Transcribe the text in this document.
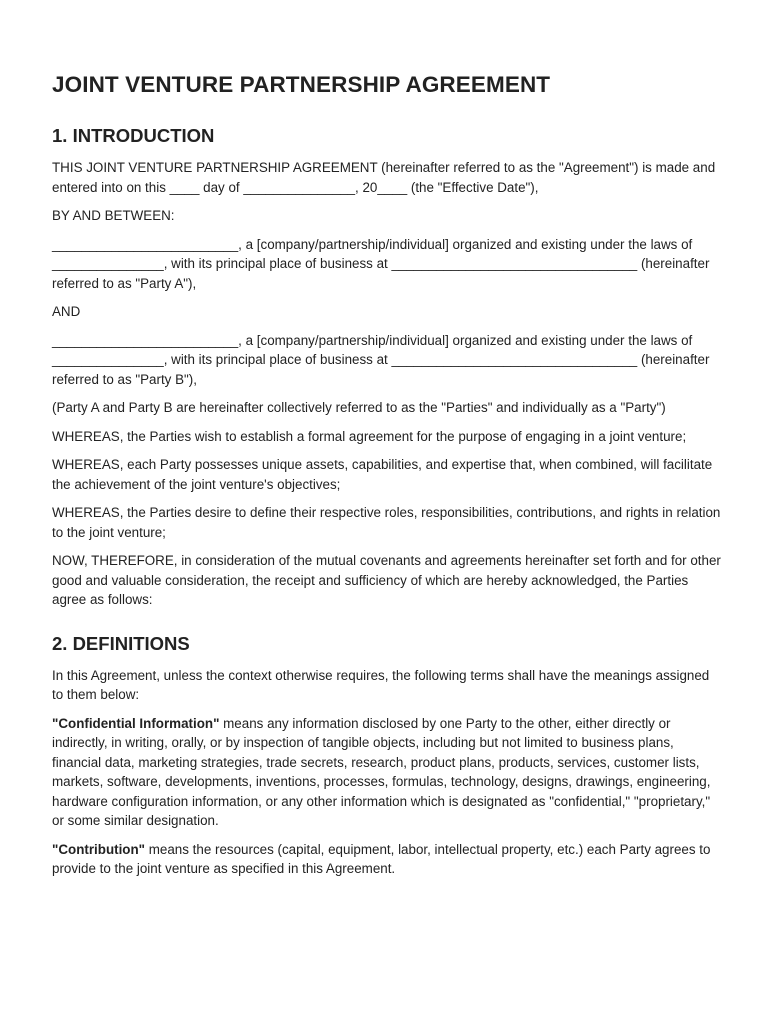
JOINT VENTURE PARTNERSHIP AGREEMENT
1. INTRODUCTION

THIS JOINT VENTURE PARTNERSHIP AGREEMENT (hereinafter referred to as the "Agreement") is made and entered into on this ____ day of _______________, 20____ (the "Effective Date"),

BY AND BETWEEN:

_________________________, a [company/partnership/individual] organized and existing under the laws of _______________, with its principal place of business at _________________________________ (hereinafter referred to as "Party A"),

AND

_________________________, a [company/partnership/individual] organized and existing under the laws of _______________, with its principal place of business at _________________________________ (hereinafter referred to as "Party B"),

(Party A and Party B are hereinafter collectively referred to as the "Parties" and individually as a "Party")

WHEREAS, the Parties wish to establish a formal agreement for the purpose of engaging in a joint venture;

WHEREAS, each Party possesses unique assets, capabilities, and expertise that, when combined, will facilitate the achievement of the joint venture's objectives;

WHEREAS, the Parties desire to define their respective roles, responsibilities, contributions, and rights in relation to the joint venture;

NOW, THEREFORE, in consideration of the mutual covenants and agreements hereinafter set forth and for other good and valuable consideration, the receipt and sufficiency of which are hereby acknowledged, the Parties agree as follows:

2. DEFINITIONS

In this Agreement, unless the context otherwise requires, the following terms shall have the meanings assigned to them below:

"Confidential Information" means any information disclosed by one Party to the other, either directly or indirectly, in writing, orally, or by inspection of tangible objects, including but not limited to business plans, financial data, marketing strategies, trade secrets, research, product plans, products, services, customer lists, markets, software, developments, inventions, processes, formulas, technology, designs, drawings, engineering, hardware configuration information, or any other information which is designated as "confidential," "proprietary," or some similar designation.

"Contribution" means the resources (capital, equipment, labor, intellectual property, etc.) each Party agrees to provide to the joint venture as specified in this Agreement.
